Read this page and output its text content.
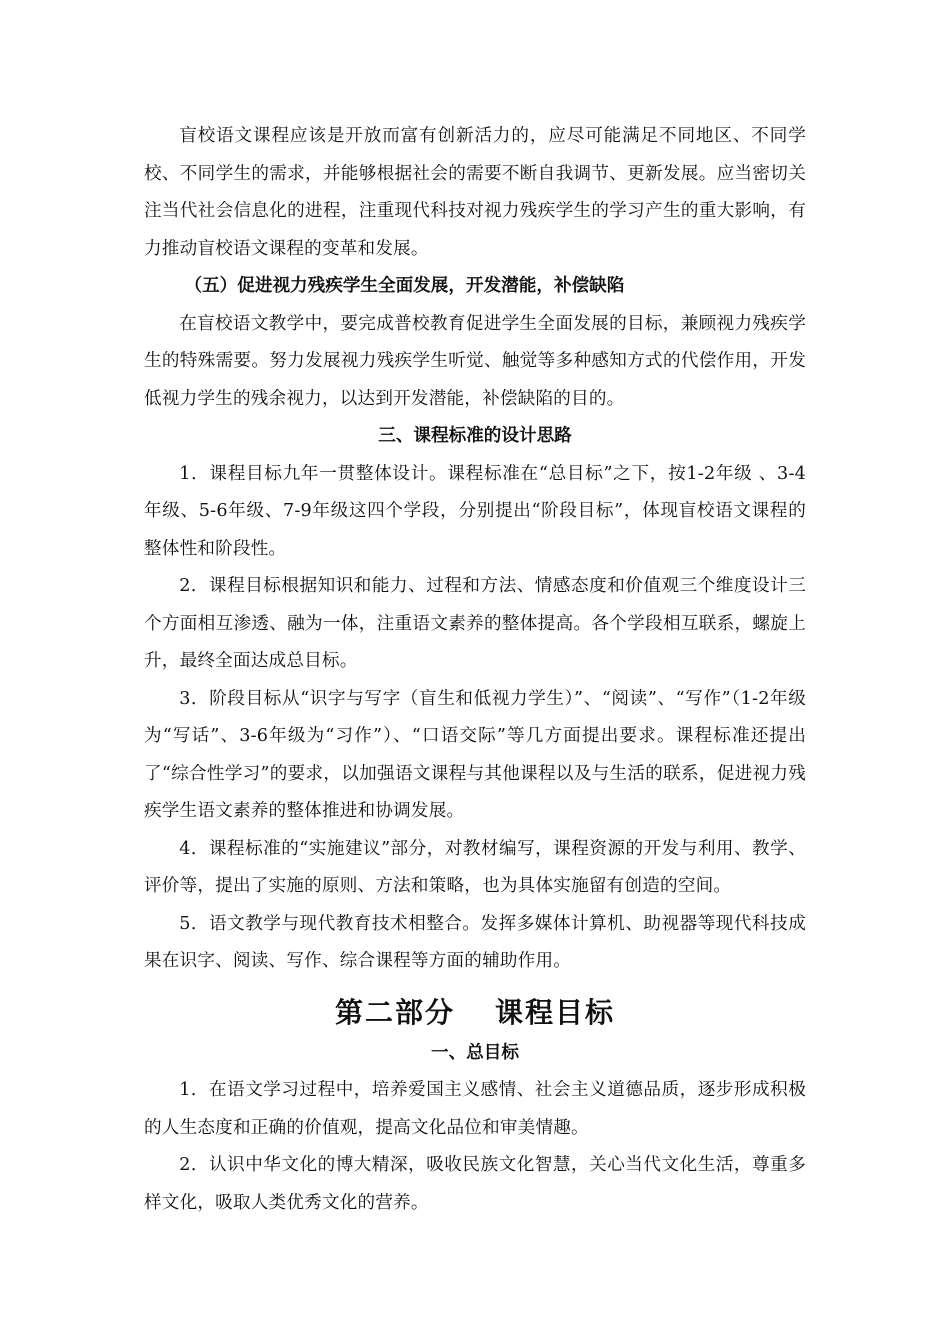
盲校语文课程应该是开放而富有创新活力的，应尽可能满足不同地区、不同学校、不同学生的需求，并能够根据社会的需要不断自我调节、更新发展。应当密切关注当代社会信息化的进程，注重现代科技对视力残疾学生的学习产生的重大影响，有力推动盲校语文课程的变革和发展。

（五）促进视力残疾学生全面发展，开发潜能，补偿缺陷

在盲校语文教学中，要完成普校教育促进学生全面发展的目标，兼顾视力残疾学生的特殊需要。努力发展视力残疾学生听觉、触觉等多种感知方式的代偿作用，开发低视力学生的残余视力，以达到开发潜能，补偿缺陷的目的。

三、课程标准的设计思路

1．课程目标九年一贯整体设计。课程标准在“总目标”之下，按1-2年级 、3-4年级、5-6年级、7-9年级这四个学段，分别提出“阶段目标”，体现盲校语文课程的整体性和阶段性。

2．课程目标根据知识和能力、过程和方法、情感态度和价值观三个维度设计三个方面相互渗透、融为一体，注重语文素养的整体提高。各个学段相互联系，螺旋上升，最终全面达成总目标。

3．阶段目标从“识字与写字（盲生和低视力学生）”、“阅读”、“写作”（1-2年级为“写话”、3-6年级为“习作”）、“口语交际”等几方面提出要求。课程标准还提出了“综合性学习”的要求，以加强语文课程与其他课程以及与生活的联系，促进视力残疾学生语文素养的整体推进和协调发展。

4．课程标准的“实施建议”部分，对教材编写，课程资源的开发与利用、教学、评价等，提出了实施的原则、方法和策略，也为具体实施留有创造的空间。

5．语文教学与现代教育技术相整合。发挥多媒体计算机、助视器等现代科技成果在识字、阅读、写作、综合课程等方面的辅助作用。

第二部分 课程目标

一、总目标

1．在语文学习过程中，培养爱国主义感情、社会主义道德品质，逐步形成积极的人生态度和正确的价值观，提高文化品位和审美情趣。

2．认识中华文化的博大精深，吸收民族文化智慧，关心当代文化生活，尊重多样文化，吸取人类优秀文化的营养。
